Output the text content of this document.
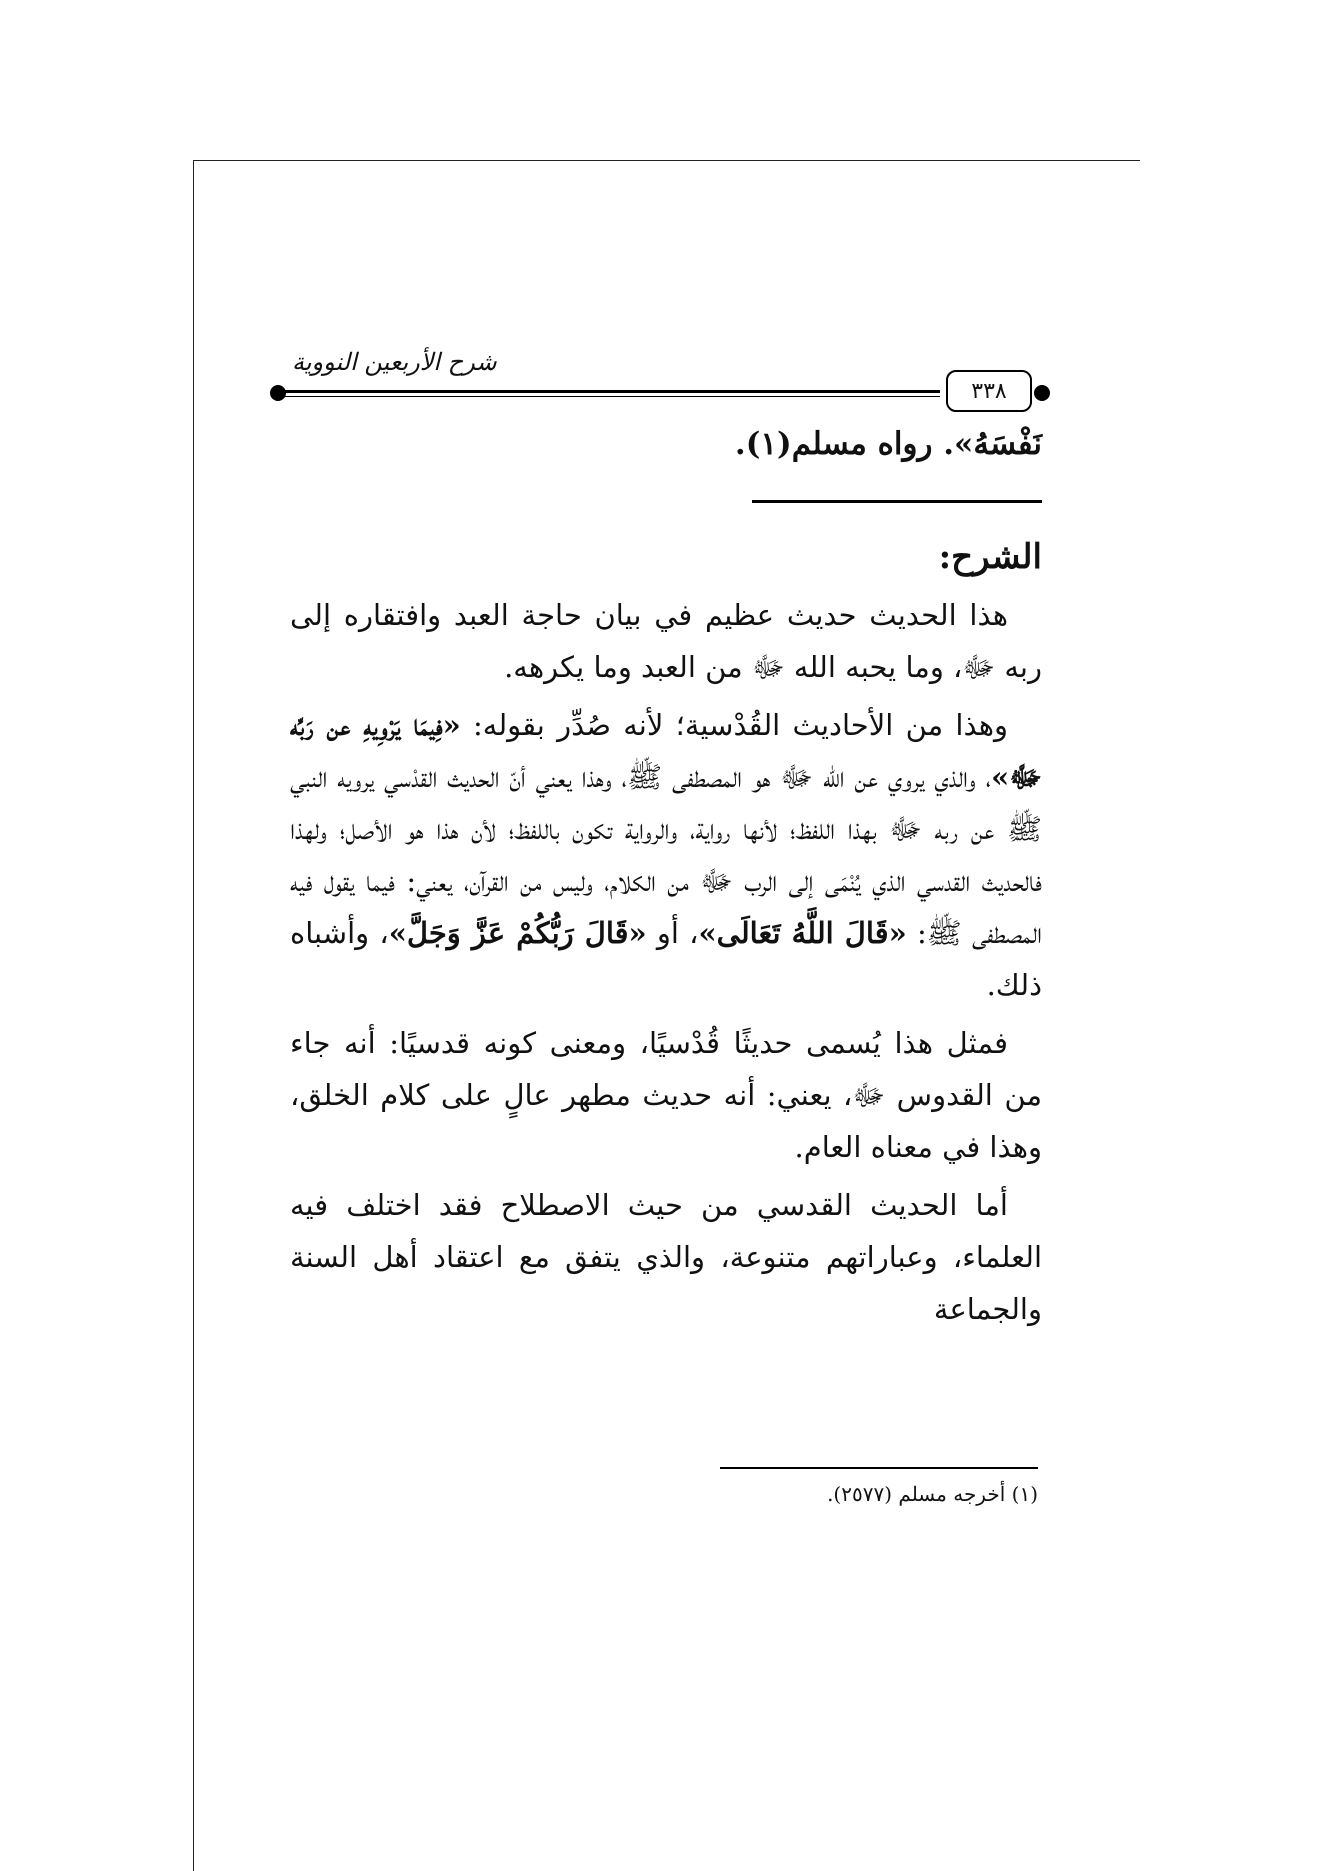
شرح الأربعين النووية
٣٣٨

نَفْسَهُ». رواه مسلم(١).

الشرح:

هذا الحديث حديث عظيم في بيان حاجة العبد وافتقاره إلى ربه ﷻ، وما يحبه الله ﷻ من العبد وما يكرهه.

وهذا من الأحاديث القُدْسية؛ لأنه صُدِّر بقوله: «فِيمَا يَرْوِيهِ عن رَبِّه ﷻ»، والذي يروي عن الله ﷻ هو المصطفى ﷺ، وهذا يعني أنّ الحديث القدْسي يرويه النبي ﷺ عن ربه ﷻ بهذا اللفظ؛ لأنها رواية، والرواية تكون باللفظ؛ لأن هذا هو الأصل؛ ولهذا فالحديث القدسي الذي يُنْمَى إلى الرب ﷻ من الكلام، وليس من القرآن، يعني: فيما يقول فيه المصطفى ﷺ: «قَالَ اللَّهُ تَعَالَى»، أو «قَالَ رَبُّكُمْ عَزَّ وَجَلَّ»، وأشباه ذلك.

فمثل هذا يُسمى حديثًا قُدْسيًا، ومعنى كونه قدسيًا: أنه جاء من القدوس ﷻ، يعني: أنه حديث مطهر عالٍ على كلام الخلق، وهذا في معناه العام.

أما الحديث القدسي من حيث الاصطلاح فقد اختلف فيه العلماء، وعباراتهم متنوعة، والذي يتفق مع اعتقاد أهل السنة والجماعة

(١) أخرجه مسلم (٢٥٧٧).
